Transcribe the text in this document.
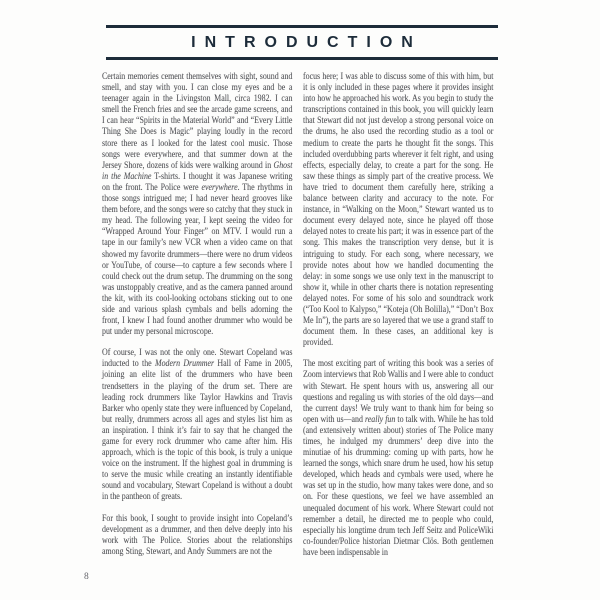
INTRODUCTION

Certain memories cement themselves with sight, sound and smell, and stay with you. I can close my eyes and be a teenager again in the Livingston Mall, circa 1982. I can smell the French fries and see the arcade game screens, and I can hear “Spirits in the Material World” and “Every Little Thing She Does is Magic” playing loudly in the record store there as I looked for the latest cool music. Those songs were everywhere, and that summer down at the Jersey Shore, dozens of kids were walking around in Ghost in the Machine T-shirts. I thought it was Japanese writing on the front. The Police were everywhere. The rhythms in those songs intrigued me; I had never heard grooves like them before, and the songs were so catchy that they stuck in my head. The following year, I kept seeing the video for “Wrapped Around Your Finger” on MTV. I would run a tape in our family’s new VCR when a video came on that showed my favorite drummers—there were no drum videos or YouTube, of course—to capture a few seconds where I could check out the drum setup. The drumming on the song was unstoppably creative, and as the camera panned around the kit, with its cool-looking octobans sticking out to one side and various splash cymbals and bells adorning the front, I knew I had found another drummer who would be put under my personal microscope.

Of course, I was not the only one. Stewart Copeland was inducted to the Modern Drummer Hall of Fame in 2005, joining an elite list of the drummers who have been trendsetters in the playing of the drum set. There are leading rock drummers like Taylor Hawkins and Travis Barker who openly state they were influenced by Copeland, but really, drummers across all ages and styles list him as an inspiration. I think it’s fair to say that he changed the game for every rock drummer who came after him. His approach, which is the topic of this book, is truly a unique voice on the instrument. If the highest goal in drumming is to serve the music while creating an instantly identifiable sound and vocabulary, Stewart Copeland is without a doubt in the pantheon of greats.

For this book, I sought to provide insight into Copeland’s development as a drummer, and then delve deeply into his work with The Police. Stories about the relationships among Sting, Stewart, and Andy Summers are not the

focus here; I was able to discuss some of this with him, but it is only included in these pages where it provides insight into how he approached his work. As you begin to study the transcriptions contained in this book, you will quickly learn that Stewart did not just develop a strong personal voice on the drums, he also used the recording studio as a tool or medium to create the parts he thought fit the songs. This included overdubbing parts wherever it felt right, and using effects, especially delay, to create a part for the song. He saw these things as simply part of the creative process. We have tried to document them carefully here, striking a balance between clarity and accuracy to the note. For instance, in “Walking on the Moon,” Stewart wanted us to document every delayed note, since he played off those delayed notes to create his part; it was in essence part of the song. This makes the transcription very dense, but it is intriguing to study. For each song, where necessary, we provide notes about how we handled documenting the delay: in some songs we use only text in the manuscript to show it, while in other charts there is notation representing delayed notes. For some of his solo and soundtrack work (“Too Kool to Kalypso,” “Koteja (Oh Bolilla),” “Don’t Box Me In”), the parts are so layered that we use a grand staff to document them. In these cases, an additional key is provided.

The most exciting part of writing this book was a series of Zoom interviews that Rob Wallis and I were able to conduct with Stewart. He spent hours with us, answering all our questions and regaling us with stories of the old days—and the current days! We truly want to thank him for being so open with us—and really fun to talk with. While he has told (and extensively written about) stories of The Police many times, he indulged my drummers’ deep dive into the minutiae of his drumming: coming up with parts, how he learned the songs, which snare drum he used, how his setup developed, which heads and cymbals were used, where he was set up in the studio, how many takes were done, and so on. For these questions, we feel we have assembled an unequaled document of his work. Where Stewart could not remember a detail, he directed me to people who could, especially his longtime drum tech Jeff Seitz and PoliceWiki co-founder/Police historian Dietmar Clös. Both gentlemen have been indispensable in

8
